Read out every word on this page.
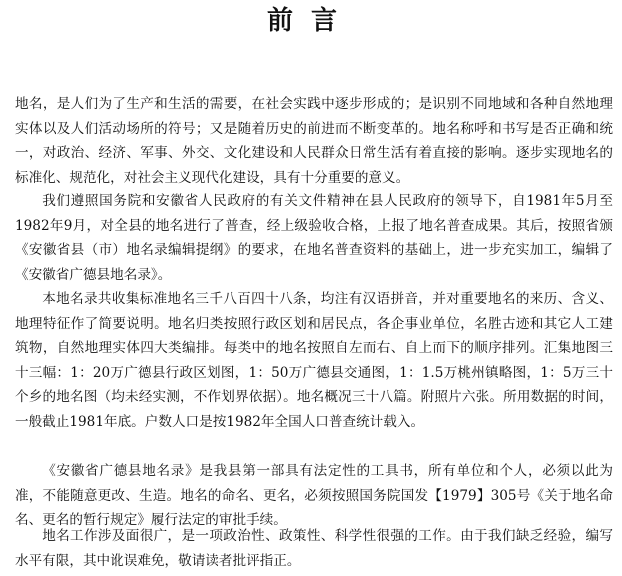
前言

地名，是人们为了生产和生活的需要，在社会实践中逐步形成的；是识别不同地域和各种自然地理实体以及人们活动场所的符号；又是随着历史的前进而不断变革的。地名称呼和书写是否正确和统一，对政治、经济、军事、外交、文化建设和人民群众日常生活有着直接的影响。逐步实现地名的标准化、规范化，对社会主义现代化建设，具有十分重要的意义。

我们遵照国务院和安徽省人民政府的有关文件精神在县人民政府的领导下，自1981年5月至1982年9月，对全县的地名进行了普查，经上级验收合格，上报了地名普查成果。其后，按照省颁《安徽省县（市）地名录编辑提纲》的要求，在地名普查资料的基础上，进一步充实加工，编辑了《安徽省广德县地名录》。

本地名录共收集标准地名三千八百四十八条，均注有汉语拼音，并对重要地名的来历、含义、地理特征作了简要说明。地名归类按照行政区划和居民点，各企事业单位，名胜古迹和其它人工建筑物，自然地理实体四大类编排。每类中的地名按照自左而右、自上而下的顺序排列。汇集地图三十三幅：1：20万广德县行政区划图，1：50万广德县交通图，1：1.5万桃州镇略图，1：5万三十个乡的地名图（均未经实测，不作划界依据）。地名概况三十八篇。附照片六张。所用数据的时间，一般截止1981年底。户数人口是按1982年全国人口普查统计载入。

《安徽省广德县地名录》是我县第一部具有法定性的工具书，所有单位和个人，必须以此为准，不能随意更改、生造。地名的命名、更名，必须按照国务院国发【1979】305号《关于地名命名、更名的暂行规定》履行法定的审批手续。

地名工作涉及面很广，是一项政治性、政策性、科学性很强的工作。由于我们缺乏经验，编写水平有限，其中讹误难免，敬请读者批评指正。
